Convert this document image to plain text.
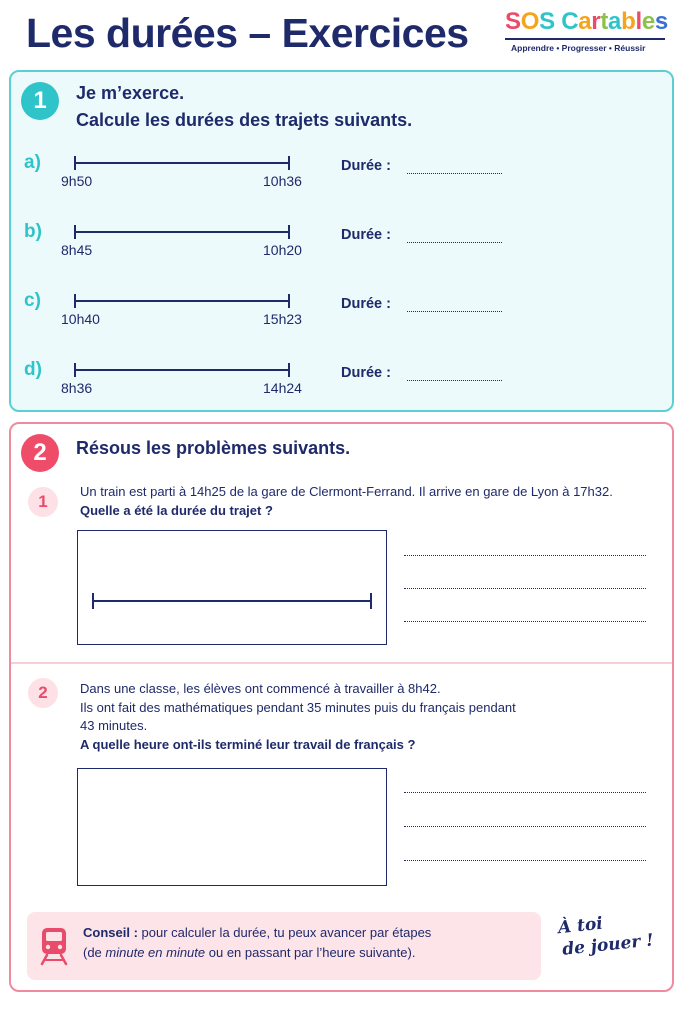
Les durées – Exercices SOS Cartables
Apprendre • Progresser • Réussir
1	Je m’exerce.
Calcule les durées des trajets suivants.
a)
9h50	10h36
Durée :
b)
8h45	10h20
Durée :
c)
10h40	15h23
Durée :
d)
8h36	14h24
Durée :
2	Résous les problèmes suivants.
1
Un train est parti à 14h25 de la gare de Clermont-Ferrand. Il arrive en gare de Lyon à 17h32.
Quelle a été la durée du trajet ?
2	Dans une classe, les élèves ont commencé à travailler à 8h42.
Ils ont fait des mathématiques pendant 35 minutes puis du français pendant
43 minutes.
A quelle heure ont-ils terminé leur travail de français ?
Conseil : pour calculer la durée, tu peux avancer par étapes
(de minute en minute ou en passant par l’heure suivante).
À toi
de jouer !
